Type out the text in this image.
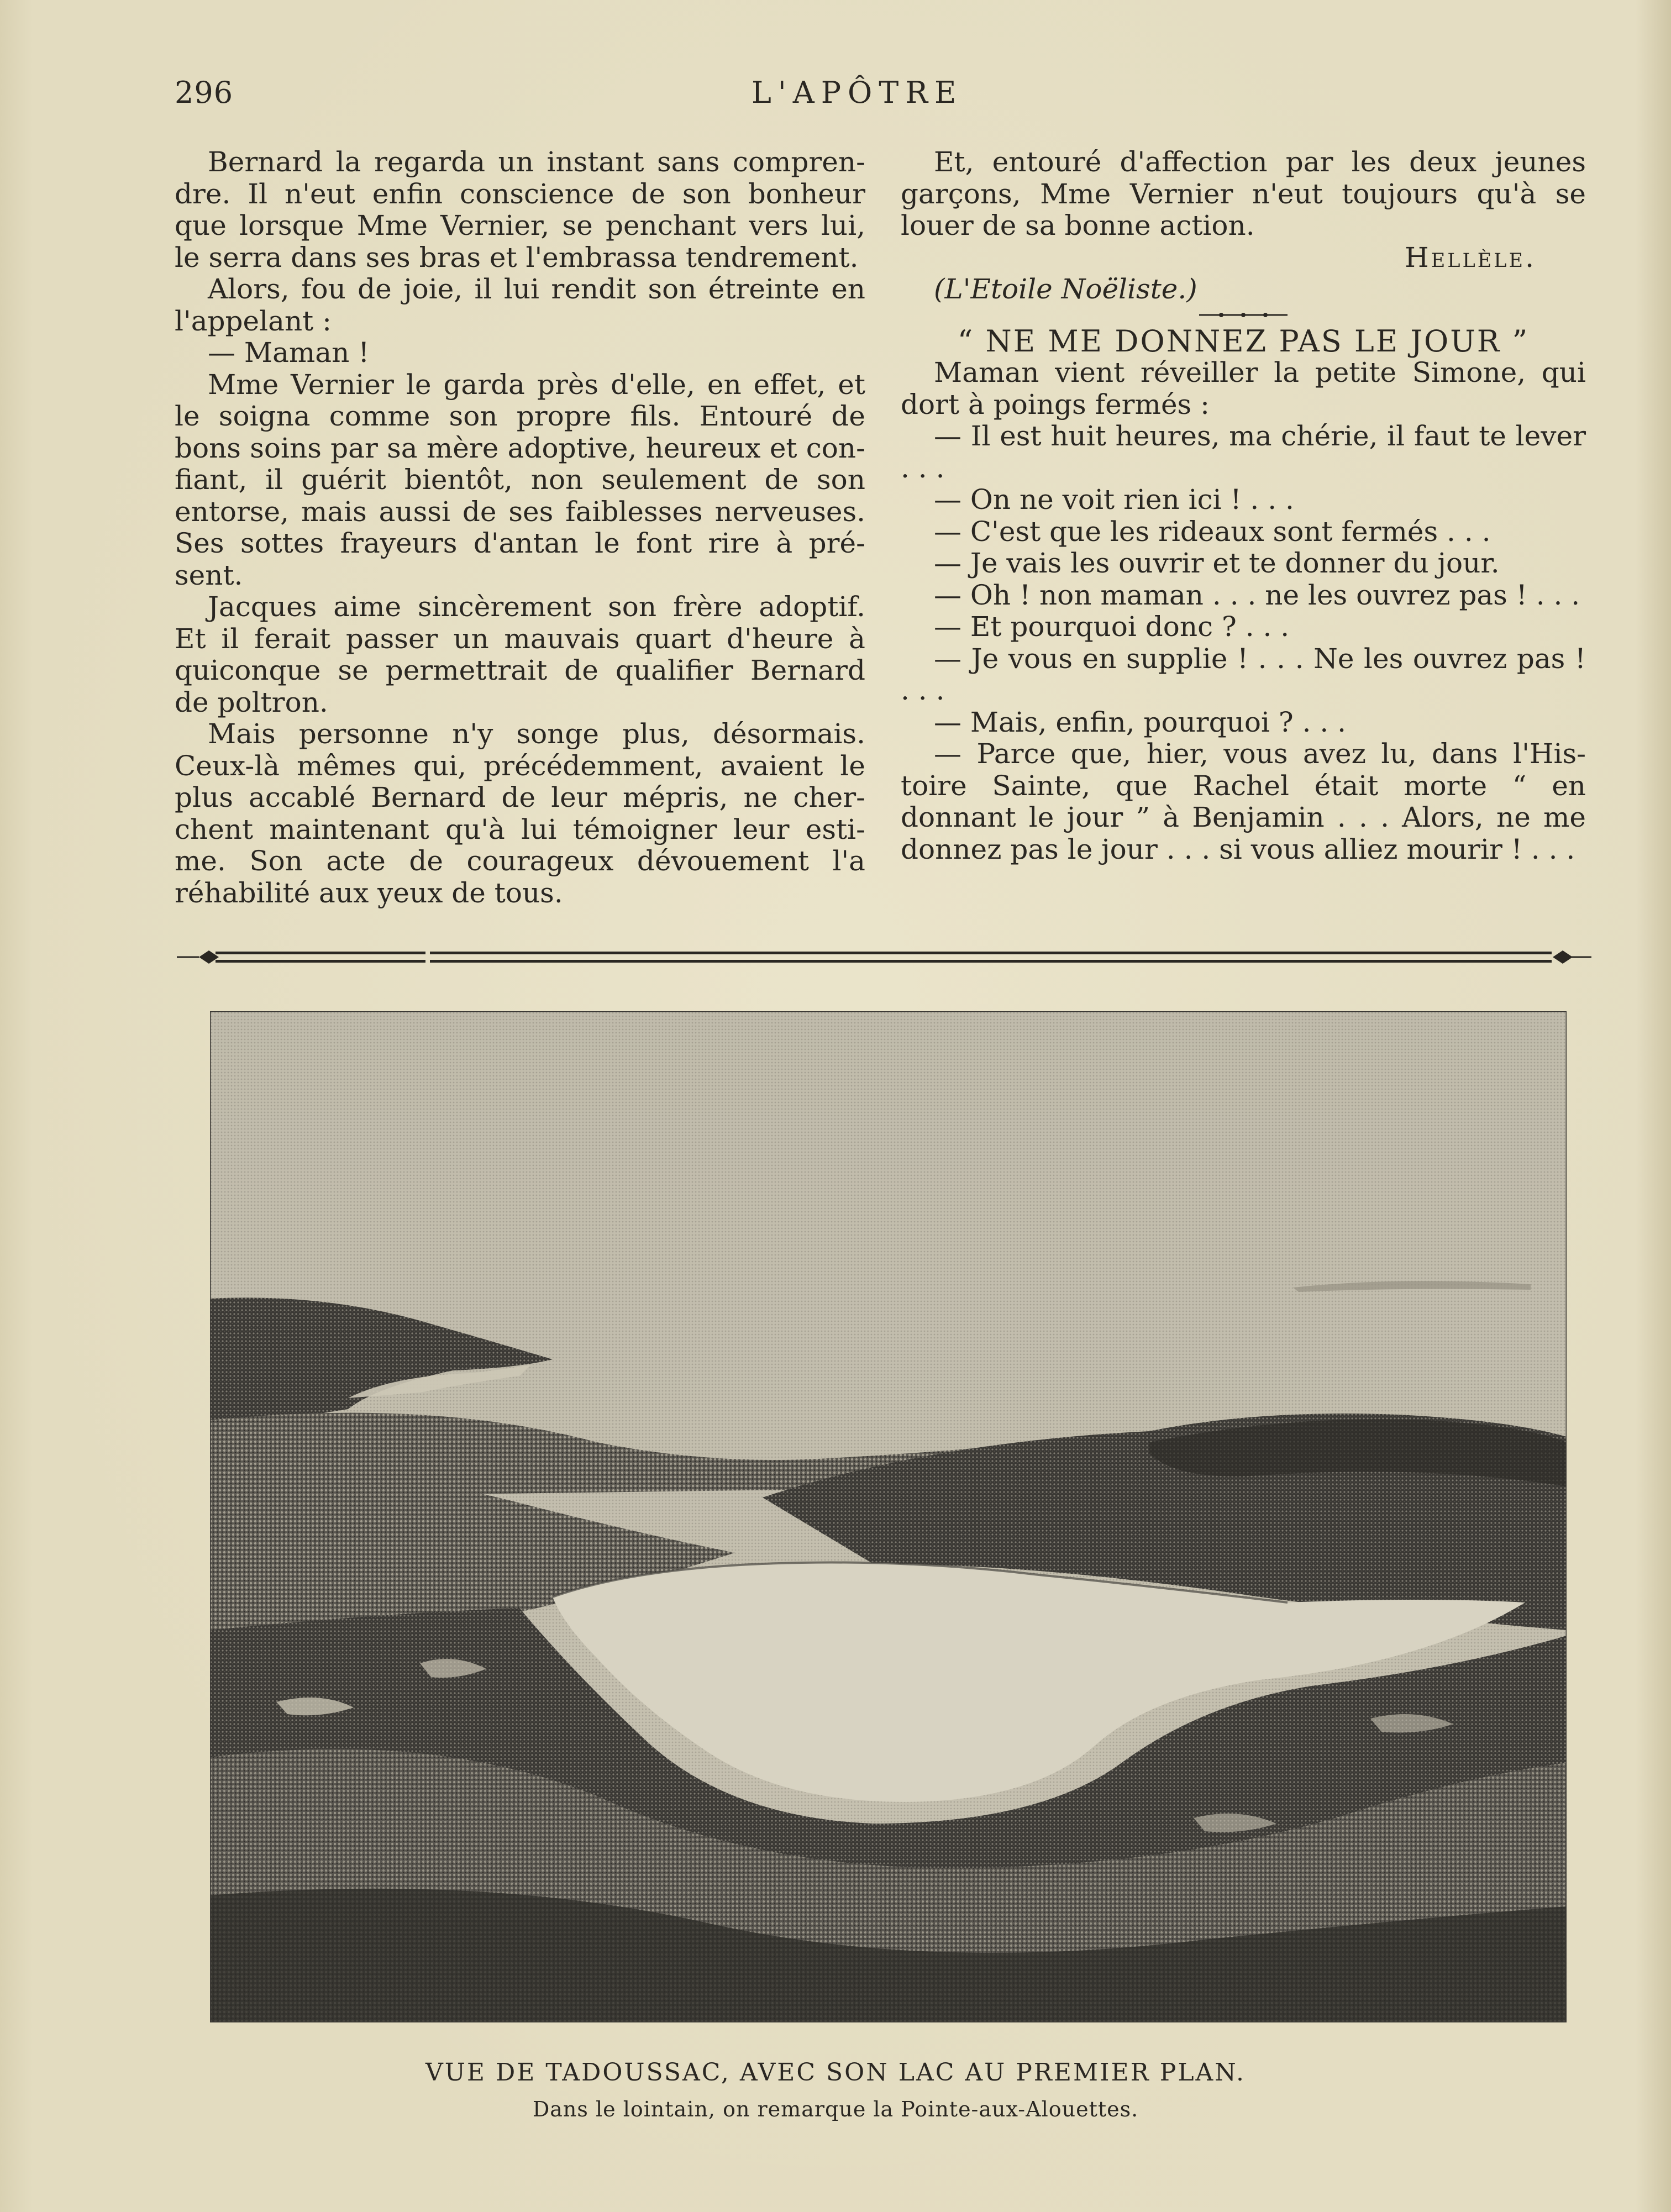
296	L'APÔTRE

Bernard la regarda un instant sans compren-dre. Il n'eut enfin conscience de son bonheur que lorsque Mme Vernier, se penchant vers lui, le serra dans ses bras et l'embrassa tendrement.

Alors, fou de joie, il lui rendit son étreinte en l'appelant :

— Maman !

Mme Vernier le garda près d'elle, en effet, et le soigna comme son propre fils. Entouré de bons soins par sa mère adoptive, heureux et con-fiant, il guérit bientôt, non seulement de son entorse, mais aussi de ses faiblesses nerveuses. Ses sottes frayeurs d'antan le font rire à pré-sent.

Jacques aime sincèrement son frère adoptif. Et il ferait passer un mauvais quart d'heure à quiconque se permettrait de qualifier Bernard de poltron.

Mais personne n'y songe plus, désormais. Ceux-là mêmes qui, précédemment, avaient le plus accablé Bernard de leur mépris, ne cher-chent maintenant qu'à lui témoigner leur esti-me. Son acte de courageux dévouement l'a réhabilité aux yeux de tous.

Et, entouré d'affection par les deux jeunes garçons, Mme Vernier n'eut toujours qu'à se louer de sa bonne action.

Hellèle.

(L'Etoile Noëliste.)

“ NE ME DONNEZ PAS LE JOUR ”

Maman vient réveiller la petite Simone, qui dort à poings fermés :

— Il est huit heures, ma chérie, il faut te lever . . .

— On ne voit rien ici ! . . .

— C'est que les rideaux sont fermés . . .

— Je vais les ouvrir et te donner du jour.

— Oh ! non maman . . . ne les ouvrez pas ! . . .

— Et pourquoi donc ? . . .

— Je vous en supplie ! . . . Ne les ouvrez pas ! . . .

— Mais, enfin, pourquoi ? . . .

— Parce que, hier, vous avez lu, dans l'His-toire Sainte, que Rachel était morte “ en donnant le jour ” à Benjamin . . . Alors, ne me donnez pas le jour . . . si vous alliez mourir ! . . .

VUE DE TADOUSSAC, AVEC SON LAC AU PREMIER PLAN.
Dans le lointain, on remarque la Pointe-aux-Alouettes.
